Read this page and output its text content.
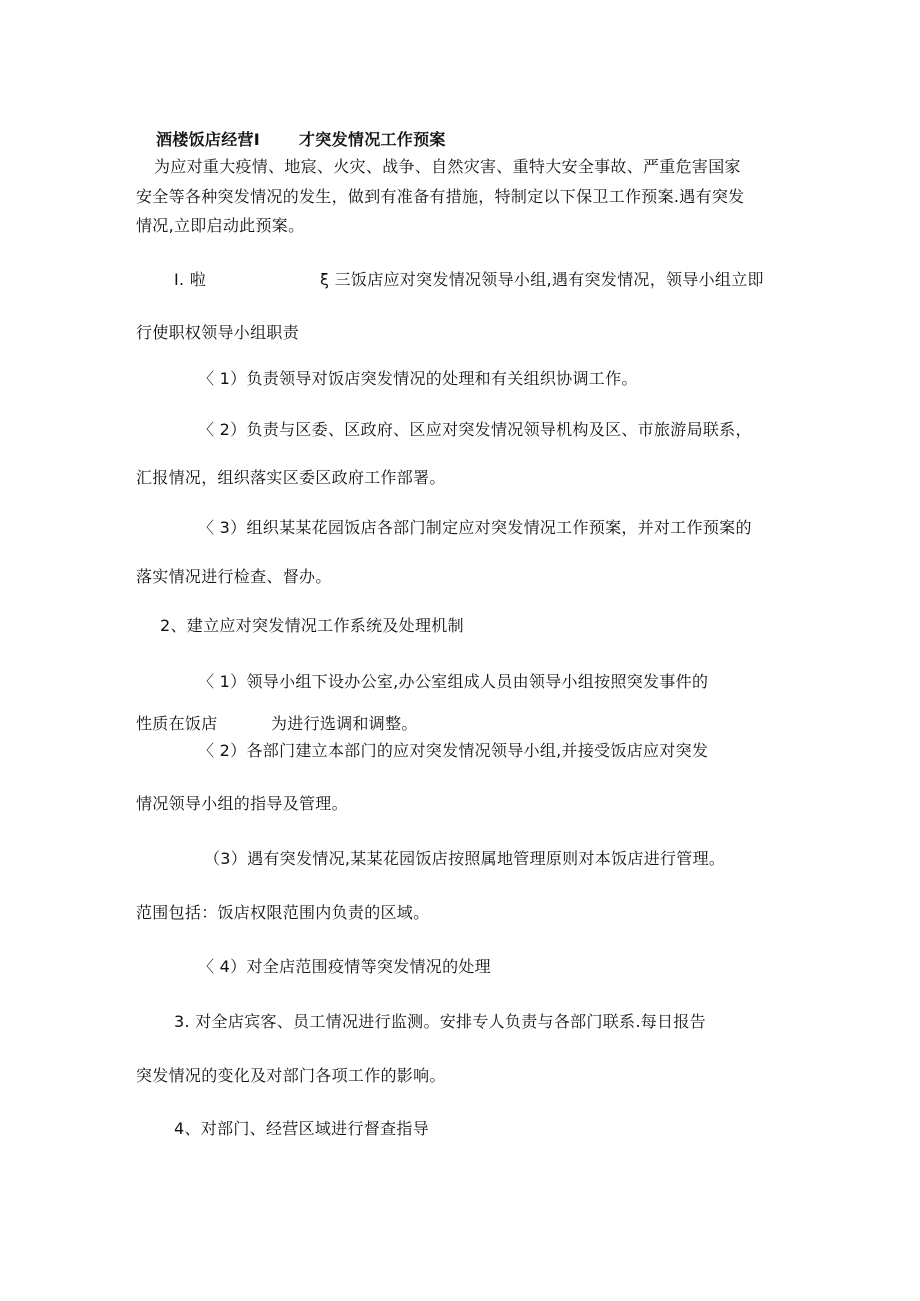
酒楼饭店经营I 才突发情况工作预案
为应对重大疫情、地宸、火灾、战争、自然灾害、重特大安全事故、严重危害国家
安全等各种突发情况的发生，做到有准备有措施，特制定以下保卫工作预案.遇有突发
情况,立即启动此预案。
I. 啦	ξ 三饭店应对突发情况领导小组,遇有突发情况，领导小组立即
行使职权领导小组职责
〈 1）负责领导对饭店突发情况的处理和有关组织协调工作。
〈 2）负责与区委、区政府、区应对突发情况领导机构及区、市旅游局联系，
汇报情况，组织落实区委区政府工作部署。
〈 3）组织某某花园饭店各部门制定应对突发情况工作预案，并对工作预案的
落实情况进行检查、督办。
2、建立应对突发情况工作系统及处理机制
〈 1）领导小组下设办公室,办公室组成人员由领导小组按照突发事件的
性质在饭店	为进行选调和调整。
〈 2）各部门建立本部门的应对突发情况领导小组,并接受饭店应对突发
情况领导小组的指导及管理。
（3）遇有突发情况,某某花园饭店按照属地管理原则对本饭店进行管理。
范围包括：饭店权限范围内负责的区域。
〈 4）对全店范围疫情等突发情况的处理
3. 对全店宾客、员工情况进行监测。安排专人负责与各部门联系.每日报告
突发情况的变化及对部门各项工作的影响。
4、对部门、经营区域进行督查指导
